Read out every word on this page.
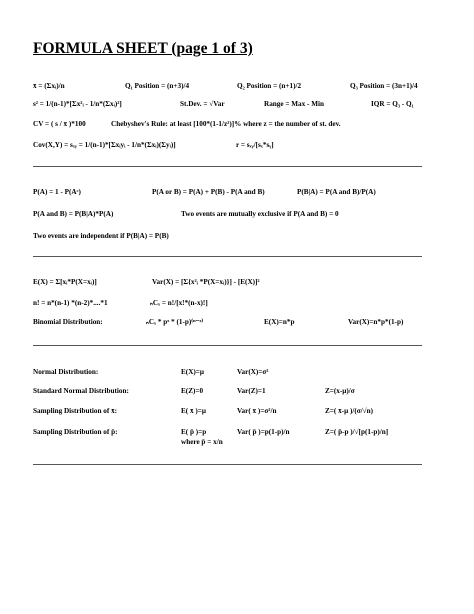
FORMULA SHEET (page 1 of 3)
x̄ = (Σxᵢ)/n	Q₁ Position = (n+3)/4	Q₂ Position = (n+1)/2	Q₃ Position = (3n+1)/4
s² = 1/(n-1)*[Σx²ᵢ - 1/n*(Σxᵢ)²]	St.Dev. = √Var	Range = Max - Min	IQR = Q₃ - Q₁
CV = ( s / x̄ )*100	Chebyshev's Rule: at least [100*(1-1/z²)]% where z = the number of st. dev.
Cov(X,Y) = sₓᵧ = 1/(n-1)*[Σxᵢyᵢ - 1/n*(Σxᵢ)(Σyᵢ)]	r = sₓᵧ/[sₓ*sᵧ]
P(A) = 1 - P(Aᶜ)	P(A or B) = P(A) + P(B) - P(A and B)	P(B|A) = P(A and B)/P(A)
P(A and B) = P(B|A)*P(A)	Two events are mutually exclusive if P(A and B) = 0
Two events are independent if P(B|A) = P(B)
E(X) = Σ[xᵢ*P(X=xᵢ)]	Var(X) = [Σ{x²ᵢ *P(X=xᵢ)}] - [E(X)]²
n! = n*(n-1) *(n-2)*....*1	ₙCₓ = n!/[x!*(n-x)!]
Binomial Distribution:	ₙCₓ * pˣ * (1-p)⁽ⁿ⁻ˣ⁾	E(X)=n*p	Var(X)=n*p*(1-p)
Normal Distribution:	E(X)=μ	Var(X)=σ²
Standard Normal Distribution:	E(Z)=0	Var(Z)=1	Z=(x-μ)/σ
Sampling Distribution of x̄:	E( x̄ )=μ	Var( x̄ )=σ²/n	Z=( x̄-μ )/(σ/√n)
Sampling Distribution of p̄:	E( p̄ )=p	Var( p̄ )=p(1-p)/n	Z=( p̄-p )/√[p(1-p)/n]
where p̄ = x/n
